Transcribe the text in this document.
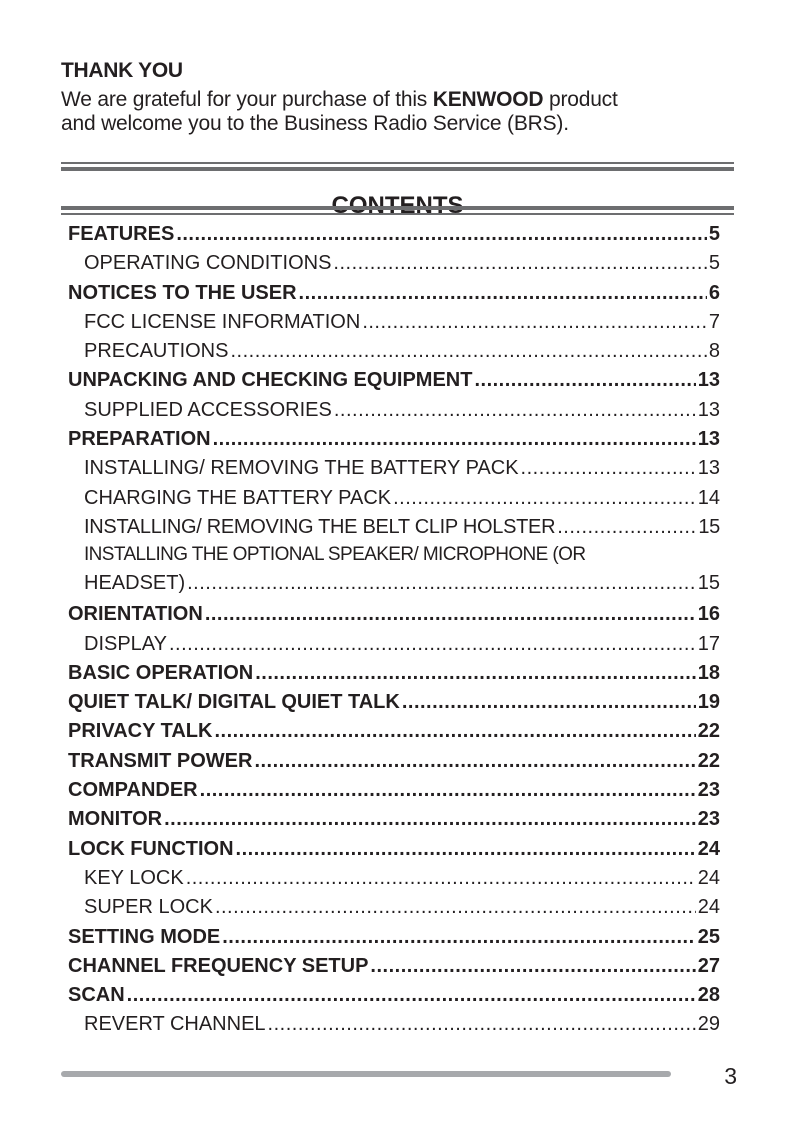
THANK YOU

We are grateful for your purchase of this KENWOOD product
and welcome you to the Business Radio Service (BRS).

FEATURES .....	5
OPERATING CONDITIONS .....	5
NOTICES TO THE USER .....	6
FCC LICENSE INFORMATION .....	7
PRECAUTIONS .....	8
UNPACKING AND CHECKING EQUIPMENT .....	13
SUPPLIED ACCESSORIES .....	13
PREPARATION .....	13
INSTALLING/ REMOVING THE BATTERY PACK .....	13
CHARGING THE BATTERY PACK .....	14
INSTALLING/ REMOVING THE BELT CLIP HOLSTER .....	15
INSTALLING THE OPTIONAL SPEAKER/ MICROPHONE (OR
HEADSET) .....	15
ORIENTATION .....	16
DISPLAY .....	17
BASIC OPERATION .....	18
QUIET TALK/ DIGITAL QUIET TALK .....	19
PRIVACY TALK .....	22
TRANSMIT POWER .....	22
COMPANDER .....	23
MONITOR .....	23
LOCK FUNCTION .....	24
KEY LOCK .....	24
SUPER LOCK .....	24
SETTING MODE .....	25
CHANNEL FREQUENCY SETUP .....	27
SCAN .....	28
REVERT CHANNEL .....	29
3
